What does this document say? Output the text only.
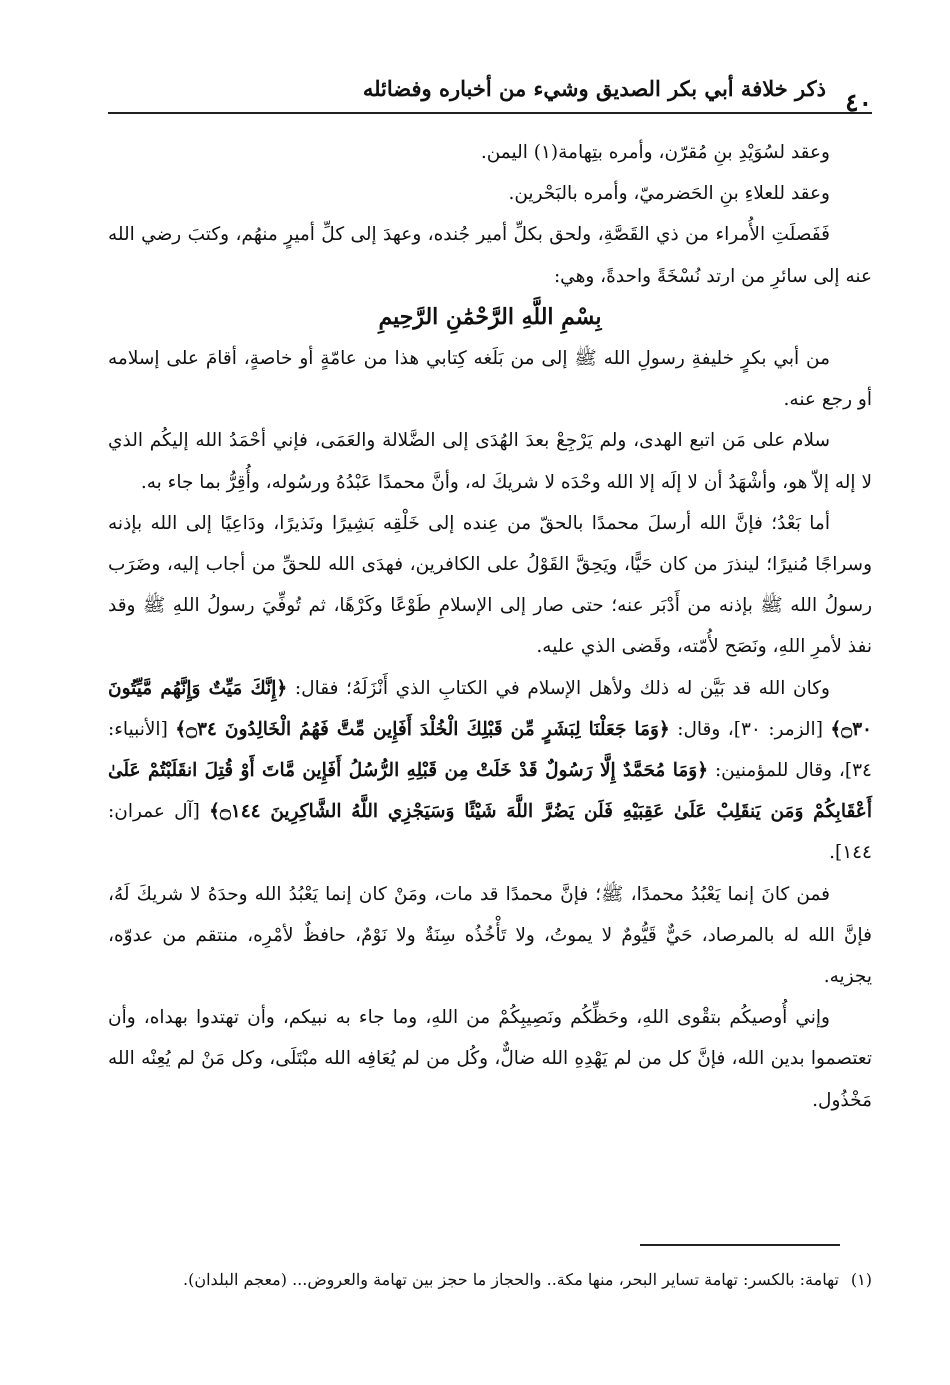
٤٠
ذكر خلافة أبي بكر الصديق وشيء من أخباره وفضائله

وعقد لسُوَيْدِ بنِ مُقرّن، وأمره بتِهامة(١) اليمن.

وعقد للعلاءِ بنِ الحَضرميّ، وأمره بالبَحْرين.

فَفَصلَتِ الأُمراء من ذي القَصَّةِ، ولحق بكلِّ أمير جُنده، وعهدَ إلى كلِّ أميرٍ منهُم، وكتبَ رضي الله عنه إلى سائرِ من ارتد نُسْخَةً واحدةً، وهي:

بِسْمِ اللَّهِ الرَّحْمَٰنِ الرَّحِيمِ

من أبي بكرٍ خليفةِ رسولِ الله ﷺ إلى من بَلَغه كِتابي هذا من عامّةٍ أو خاصةٍ، أقامَ على إسلامه أو رجع عنه.

سلام على مَن اتبع الهدى، ولم يَرْجِعْ بعدَ الهُدَى إلى الضَّلالة والعَمَى، فإني أحْمَدُ الله إليكُم الذي لا إله إلاّ هو، وأشْهَدُ أن لا إلَه إلا الله وحْدَه لا شريكَ له، وأنَّ محمدًا عَبْدُهُ ورسُوله، وأُقِرُّ بما جاء به.

أما بَعْدُ؛ فإنَّ الله أرسلَ محمدًا بالحقّ من عِنده إلى خَلْقِه بَشِيرًا ونَذيرًا، ودَاعِيًا إلى الله بإذنه وسراجًا مُنيرًا؛ لينذرَ من كان حَيًّا، ويَحِقَّ القَوْلُ على الكافرين، فهدَى الله للحقِّ من أجاب إليه، وضَرَب رسولُ الله ﷺ بإذنه من أَدْبَر عنه؛ حتى صار إلى الإسلامِ طَوْعًا وكَرْهًا، ثم تُوفِّيَ رسولُ اللهِ ﷺ وقد نفذ لأمرِ اللهِ، ونَصَح لأُمّته، وقَضى الذي عليه.

وكان الله قد بَيَّن له ذلك ولأهل الإسلام في الكتابِ الذي أَنْزَلَهُ؛ فقال: ﴿إِنَّكَ مَيِّتٌ وَإِنَّهُم مَّيِّتُونَ ۝٣٠﴾ [الزمر: ٣٠]، وقال: ﴿وَمَا جَعَلْنَا لِبَشَرٍ مِّن قَبْلِكَ الْخُلْدَ أَفَإِين مِّتَّ فَهُمُ الْخَالِدُونَ ۝٣٤﴾ [الأنبياء: ٣٤]، وقال للمؤمنين: ﴿وَمَا مُحَمَّدٌ إِلَّا رَسُولٌ قَدْ خَلَتْ مِن قَبْلِهِ الرُّسُلُ أَفَإِين مَّاتَ أَوْ قُتِلَ انقَلَبْتُمْ عَلَىٰ أَعْقَابِكُمْ وَمَن يَنقَلِبْ عَلَىٰ عَقِبَيْهِ فَلَن يَضُرَّ اللَّهَ شَيْئًا وَسَيَجْزِي اللَّهُ الشَّاكِرِينَ ۝١٤٤﴾ [آل عمران: ١٤٤].

فمن كانَ إنما يَعْبُدُ محمدًا، ﷺ؛ فإنَّ محمدًا قد مات، ومَنْ كان إنما يَعْبُدُ الله وحدَهُ لا شريكَ لَهُ، فإنَّ الله له بالمرصاد، حَيٌّ قَيُّومٌ لا يموتُ، ولا تَأْخُذُه سِنَةٌ ولا نَوْمٌ، حافظٌ لأمْرِه، منتقم من عدوّه، يجزيه.

وإني أُوصيكُم بتقْوى اللهِ، وحَظِّكُم ونَصِيبِكُمْ من اللهِ، وما جاء به نبيكم، وأن تهتدوا بهداه، وأن تعتصموا بدين الله، فإنَّ كل من لم يَهْدِهِ الله ضالٌّ، وكُل من لم يُعَافِه الله مبْتَلَى، وكل مَنْ لم يُعِنْه الله مَخْذُول.

(١)تهامة: بالكسر: تهامة تساير البحر، منها مكة.. والحجاز ما حجز بين تهامة والعروض... (معجم البلدان).
